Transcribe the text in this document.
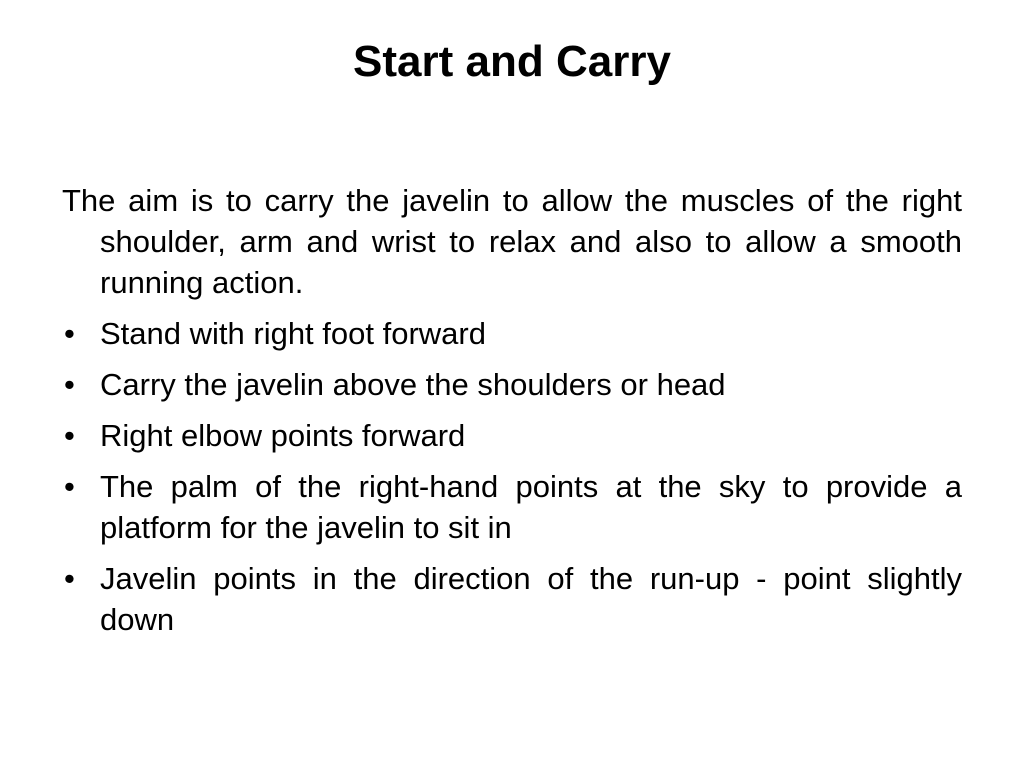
Start and Carry

The aim is to carry the javelin to allow the muscles of the right shoulder, arm and wrist to relax and also to allow a smooth running action.

• Stand with right foot forward
• Carry the javelin above the shoulders or head
• Right elbow points forward
• The palm of the right-hand points at the sky to provide a platform for the javelin to sit in
• Javelin points in the direction of the run-up - point slightly down
